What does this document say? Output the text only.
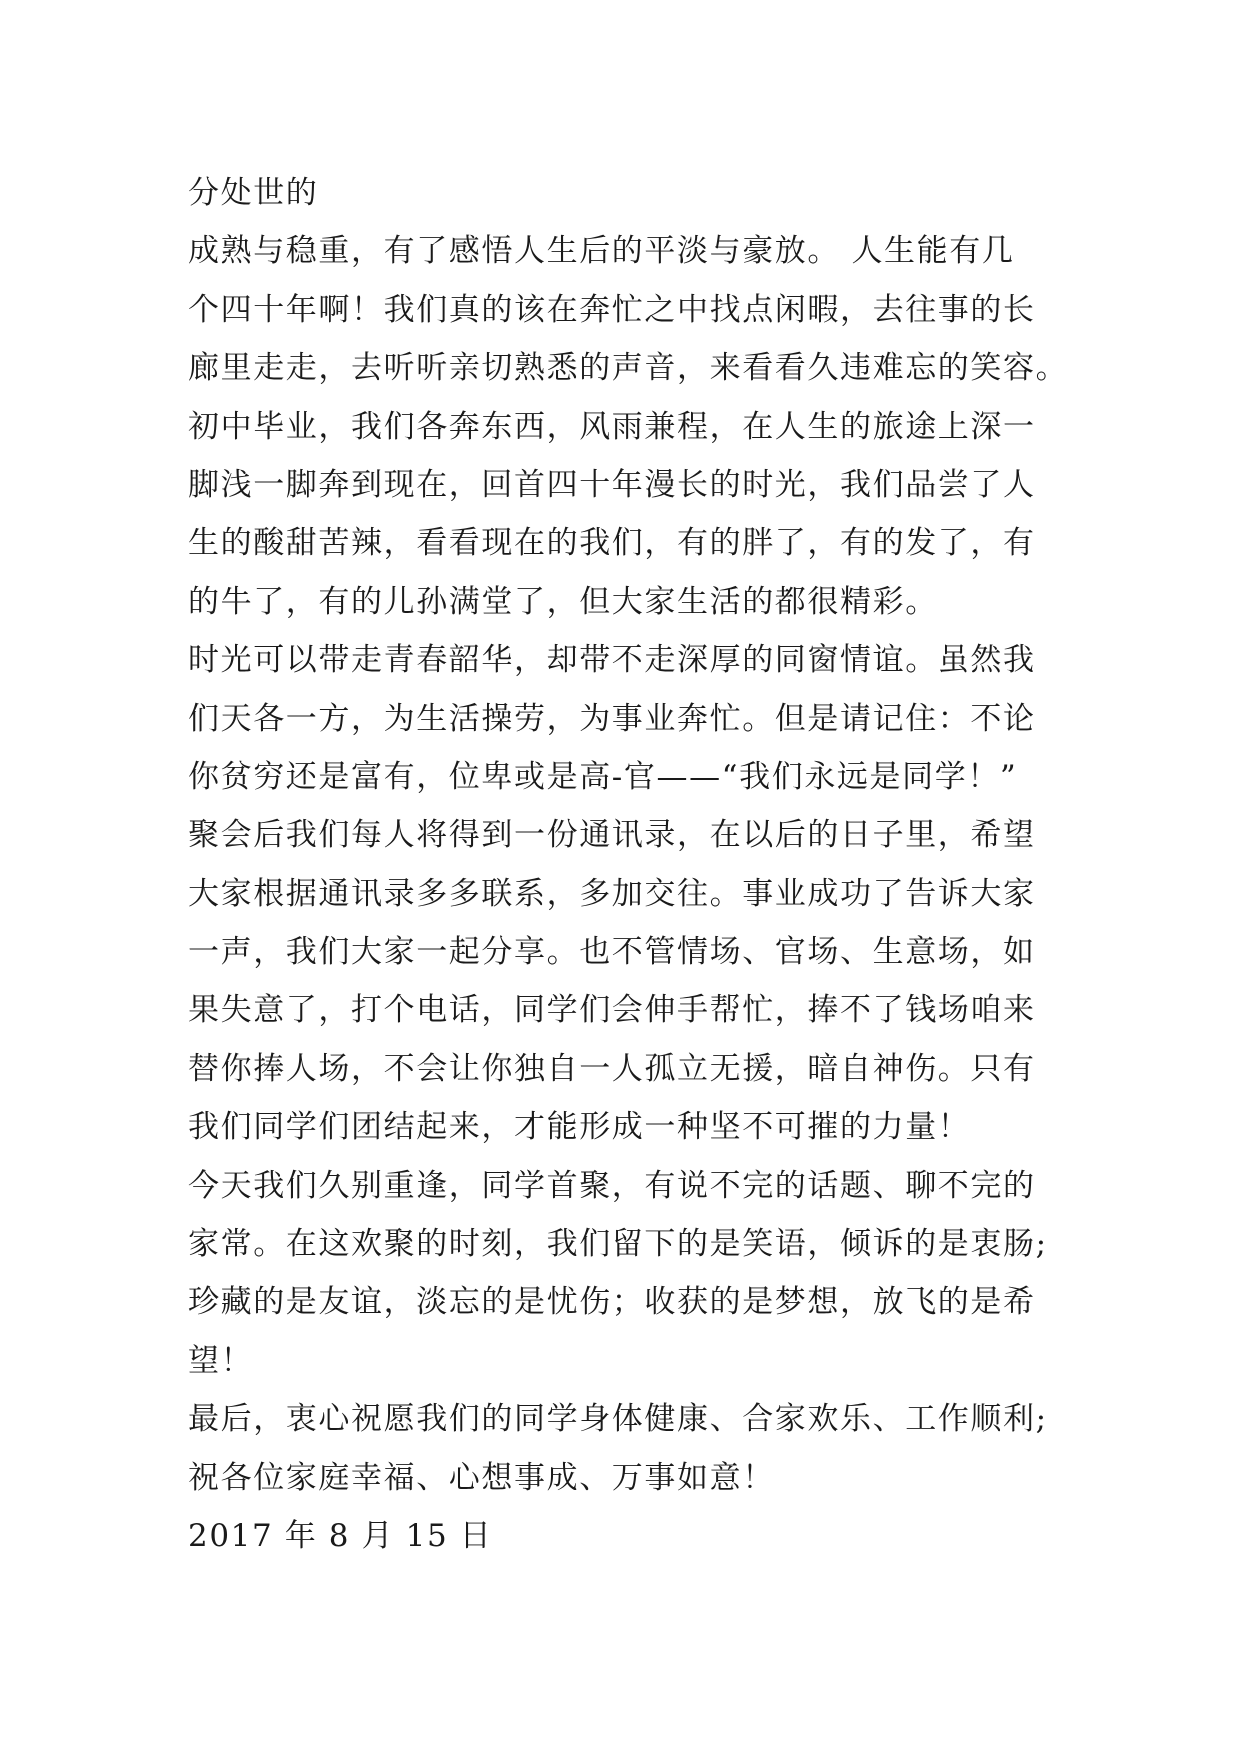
分处世的
成熟与稳重，有了感悟人生后的平淡与豪放。 人生能有几
个四十年啊！我们真的该在奔忙之中找点闲暇，去往事的长
廊里走走，去听听亲切熟悉的声音，来看看久违难忘的笑容。
初中毕业，我们各奔东西，风雨兼程，在人生的旅途上深一
脚浅一脚奔到现在，回首四十年漫长的时光，我们品尝了人
生的酸甜苦辣，看看现在的我们，有的胖了，有的发了，有
的牛了，有的儿孙满堂了，但大家生活的都很精彩。
时光可以带走青春韶华，却带不走深厚的同窗情谊。虽然我
们天各一方，为生活操劳，为事业奔忙。但是请记住：不论
你贫穷还是富有，位卑或是高-官——“我们永远是同学！”
聚会后我们每人将得到一份通讯录，在以后的日子里，希望
大家根据通讯录多多联系，多加交往。事业成功了告诉大家
一声，我们大家一起分享。也不管情场、官场、生意场，如
果失意了，打个电话，同学们会伸手帮忙，捧不了钱场咱来
替你捧人场，不会让你独自一人孤立无援，暗自神伤。只有
我们同学们团结起来，才能形成一种坚不可摧的力量！
今天我们久别重逢，同学首聚，有说不完的话题、聊不完的
家常。在这欢聚的时刻，我们留下的是笑语，倾诉的是衷肠;
珍藏的是友谊，淡忘的是忧伤；收获的是梦想，放飞的是希
望！
最后，衷心祝愿我们的同学身体健康、合家欢乐、工作顺利;
祝各位家庭幸福、心想事成、万事如意！
2017 年 8 月 15 日
